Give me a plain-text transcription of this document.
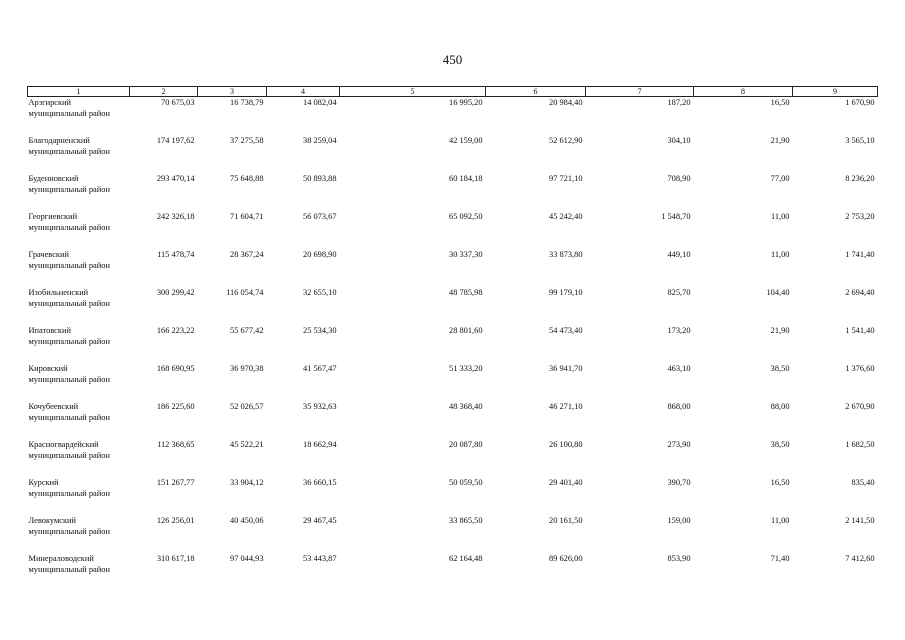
450
1	2	3	4	5	6	7	8	9

Арзгирский
муниципальный район	70 675,03	16 738,79	14 082,04	16 995,20	20 984,40	187,20	16,50	1 670,90

Благодарненский
муниципальный район	174 197,62	37 275,58	38 259,04	42 159,00	52 612,90	304,10	21,90	3 565,10

Буденновский
муниципальный район	293 470,14	75 648,88	50 893,88	60 184,18	97 721,10	708,90	77,00	8 236,20

Георгиевский
муниципальный район	242 326,18	71 604,71	56 073,67	65 092,50	45 242,40	1 548,70	11,00	2 753,20

Грачевский
муниципальный район	115 478,74	28 367,24	20 698,90	30 337,30	33 873,80	449,10	11,00	1 741,40

Изобильненский
муниципальный район	300 299,42	116 054,74	32 655,10	48 785,98	99 179,10	825,70	104,40	2 694,40

Ипатовский
муниципальный район	166 223,22	55 677,42	25 534,30	28 801,60	54 473,40	173,20	21,90	1 541,40

Кировский
муниципальный район	168 690,95	36 970,38	41 567,47	51 333,20	36 941,70	463,10	38,50	1 376,60

Кочубеевский
муниципальный район	186 225,60	52 026,57	35 932,63	48 368,40	46 271,10	868,00	88,00	2 670,90

Красногвардейский
муниципальный район	112 368,65	45 522,21	18 662,94	20 087,80	26 100,80	273,90	38,50	1 682,50

Курский
муниципальный район	151 267,77	33 904,12	36 660,15	50 059,50	29 401,40	390,70	16,50	835,40

Левокумский
муниципальный район	126 256,01	40 450,06	29 467,45	33 865,50	20 161,50	159,00	11,00	2 141,50

Минераловодский
муниципальный район	310 617,18	97 044,93	53 443,87	62 164,48	89 626,00	853,90	71,40	7 412,60
